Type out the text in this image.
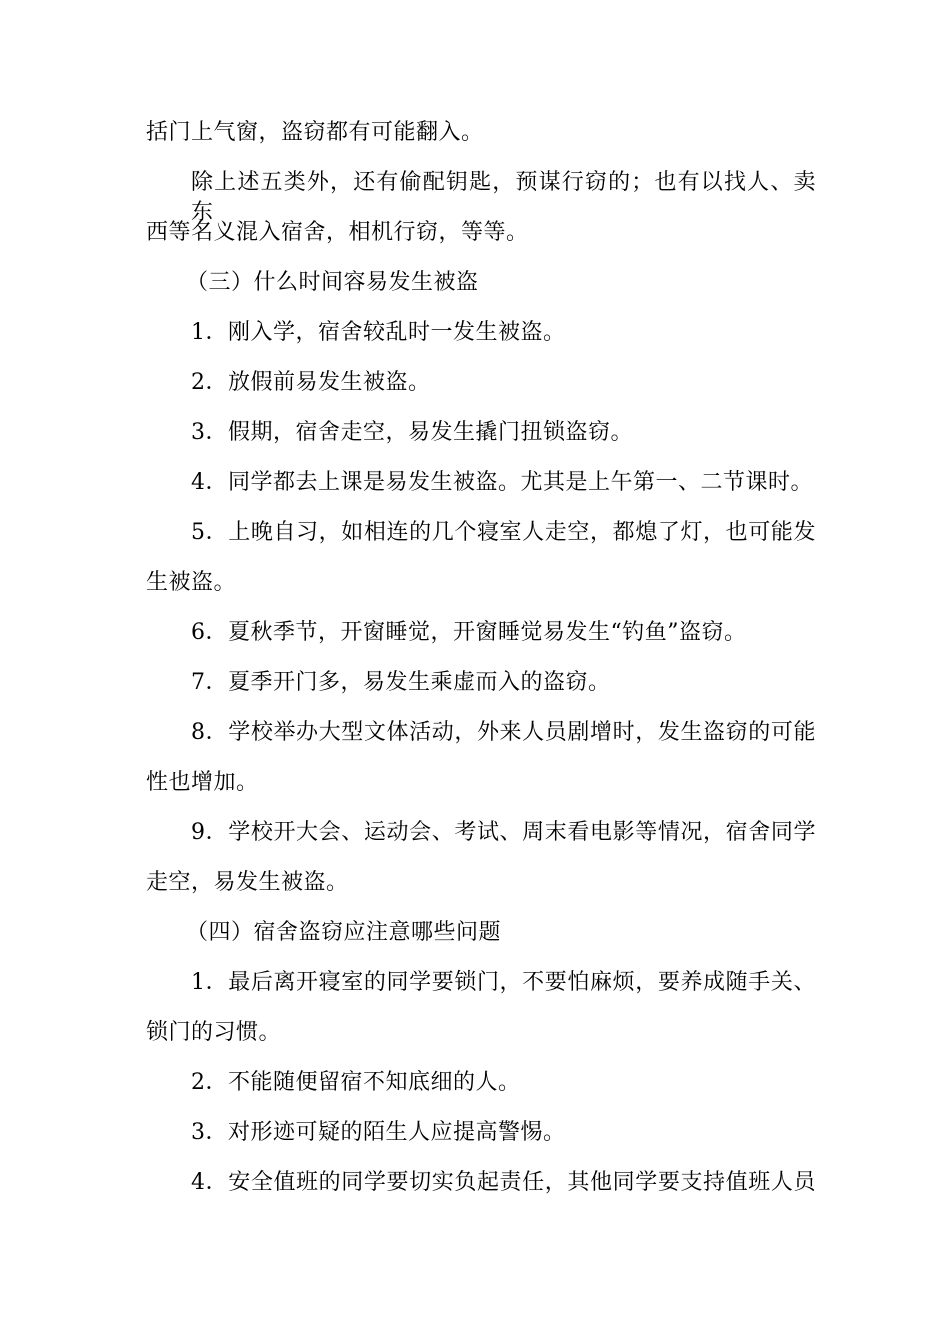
括门上气窗，盗窃都有可能翻入。
除上述五类外，还有偷配钥匙，预谋行窃的；也有以找人、卖东
西等名义混入宿舍，相机行窃，等等。
（三）什么时间容易发生被盗
1．刚入学，宿舍较乱时一发生被盗。
2．放假前易发生被盗。
3．假期，宿舍走空，易发生撬门扭锁盗窃。
4．同学都去上课是易发生被盗。尤其是上午第一、二节课时。
5．上晚自习，如相连的几个寝室人走空，都熄了灯，也可能发
生被盗。
6．夏秋季节，开窗睡觉，开窗睡觉易发生“钓鱼”盗窃。
7．夏季开门多，易发生乘虚而入的盗窃。
8．学校举办大型文体活动，外来人员剧增时，发生盗窃的可能
性也增加。
9．学校开大会、运动会、考试、周末看电影等情况，宿舍同学
走空，易发生被盗。
（四）宿舍盗窃应注意哪些问题
1．最后离开寝室的同学要锁门，不要怕麻烦，要养成随手关、
锁门的习惯。
2．不能随便留宿不知底细的人。
3．对形迹可疑的陌生人应提高警惕。
4．安全值班的同学要切实负起责任，其他同学要支持值班人员
